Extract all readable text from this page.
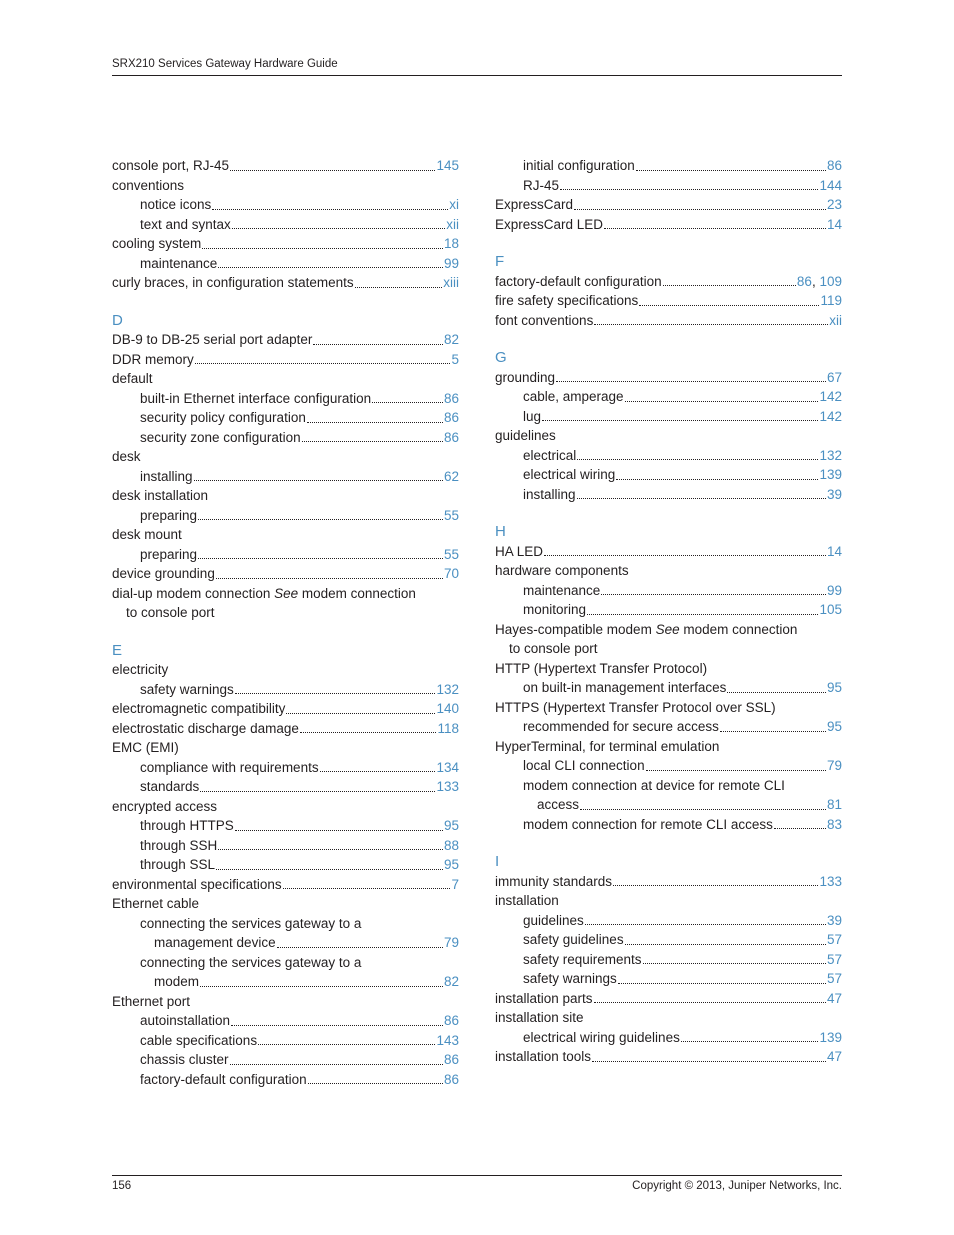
SRX210 Services Gateway Hardware Guide
console port, RJ-45	145
conventions
notice icons	xi
text and syntax	xii
cooling system	18
maintenance	99
curly braces, in configuration statements	xiii
D
DB-9 to DB-25 serial port adapter	82
DDR memory	5
default
built-in Ethernet interface configuration	86
security policy configuration	86
security zone configuration	86
desk
installing	62
desk installation
preparing	55
desk mount
preparing	55
device grounding	70
dial-up modem connection See modem connection
to console port
E
electricity
safety warnings	132
electromagnetic compatibility	140
electrostatic discharge damage	118
EMC (EMI)
compliance with requirements	134
standards	133
encrypted access
through HTTPS	95
through SSH	88
through SSL	95
environmental specifications	7
Ethernet cable
connecting the services gateway to a
management device	79
connecting the services gateway to a
modem	82
Ethernet port
autoinstallation	86
cable specifications	143
chassis cluster	86
factory-default configuration	86
initial configuration	86
RJ-45	144
ExpressCard	23
ExpressCard LED	14
F
factory-default configuration	86, 109
fire safety specifications	119
font conventions	xii
G
grounding	67
cable, amperage	142
lug	142
guidelines
electrical	132
electrical wiring	139
installing	39
H
HA LED	14
hardware components
maintenance	99
monitoring	105
Hayes-compatible modem See modem connection
to console port
HTTP (Hypertext Transfer Protocol)
on built-in management interfaces	95
HTTPS (Hypertext Transfer Protocol over SSL)
recommended for secure access	95
HyperTerminal, for terminal emulation
local CLI connection	79
modem connection at device for remote CLI
access	81
modem connection for remote CLI access	83
I
immunity standards	133
installation
guidelines	39
safety guidelines	57
safety requirements	57
safety warnings	57
installation parts	47
installation site
electrical wiring guidelines	139
installation tools	47
156	Copyright © 2013, Juniper Networks, Inc.
